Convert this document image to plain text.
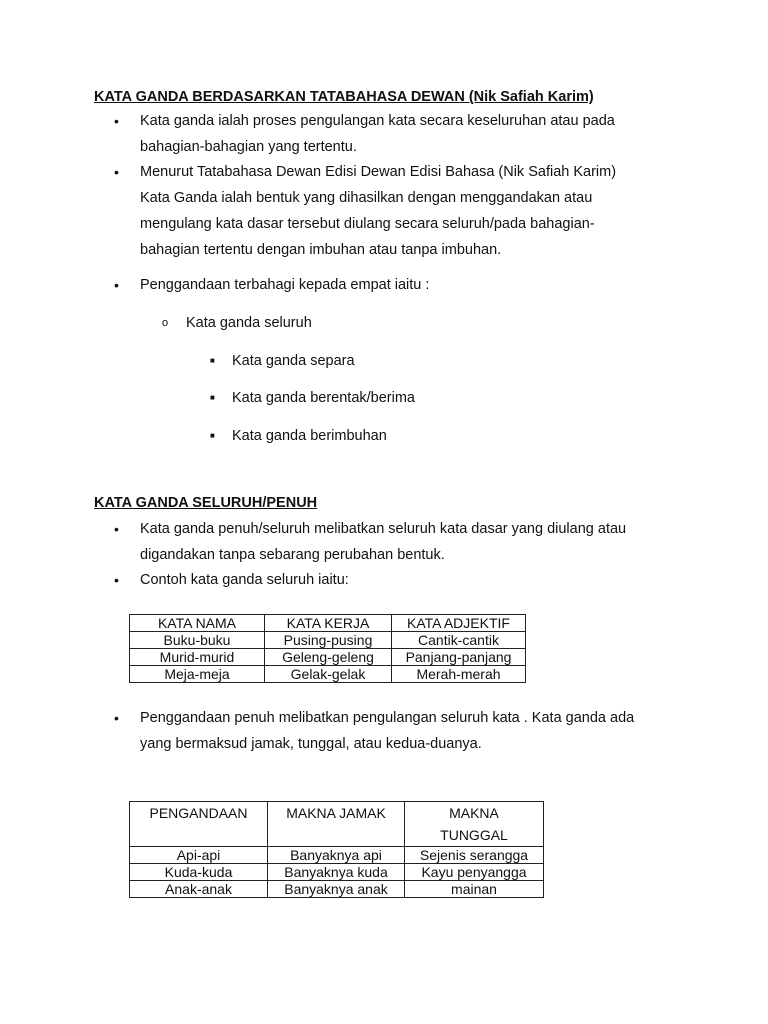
KATA GANDA BERDASARKAN TATABAHASA DEWAN (Nik Safiah Karim)
• Kata ganda ialah proses pengulangan kata secara keseluruhan atau pada
bahagian-bahagian yang tertentu.
• Menurut Tatabahasa Dewan Edisi Dewan Edisi Bahasa (Nik Safiah Karim)
Kata Ganda ialah bentuk yang dihasilkan dengan menggandakan atau
mengulang kata dasar tersebut diulang secara seluruh/pada bahagian-
bahagian tertentu dengan imbuhan atau tanpa imbuhan.
• Penggandaan terbahagi kepada empat iaitu :
o Kata ganda seluruh
■ Kata ganda separa
■ Kata ganda berentak/berima
■ Kata ganda berimbuhan
KATA GANDA SELURUH/PENUH
• Kata ganda penuh/seluruh melibatkan seluruh kata dasar yang diulang atau
digandakan tanpa sebarang perubahan bentuk.
• Contoh kata ganda seluruh iaitu:
KATA NAMA	KATA KERJA	KATA ADJEKTIF
Buku-buku	Pusing-pusing	Cantik-cantik
Murid-murid	Geleng-geleng	Panjang-panjang
Meja-meja	Gelak-gelak	Merah-merah
• Penggandaan penuh melibatkan pengulangan seluruh kata . Kata ganda ada
yang bermaksud jamak, tunggal, atau kedua-duanya.
PENGANDAAN	MAKNA JAMAK	MAKNA
TUNGGAL

Api-api	Banyaknya api	Sejenis serangga
Kuda-kuda	Banyaknya kuda	Kayu penyangga
Anak-anak	Banyaknya anak	mainan
